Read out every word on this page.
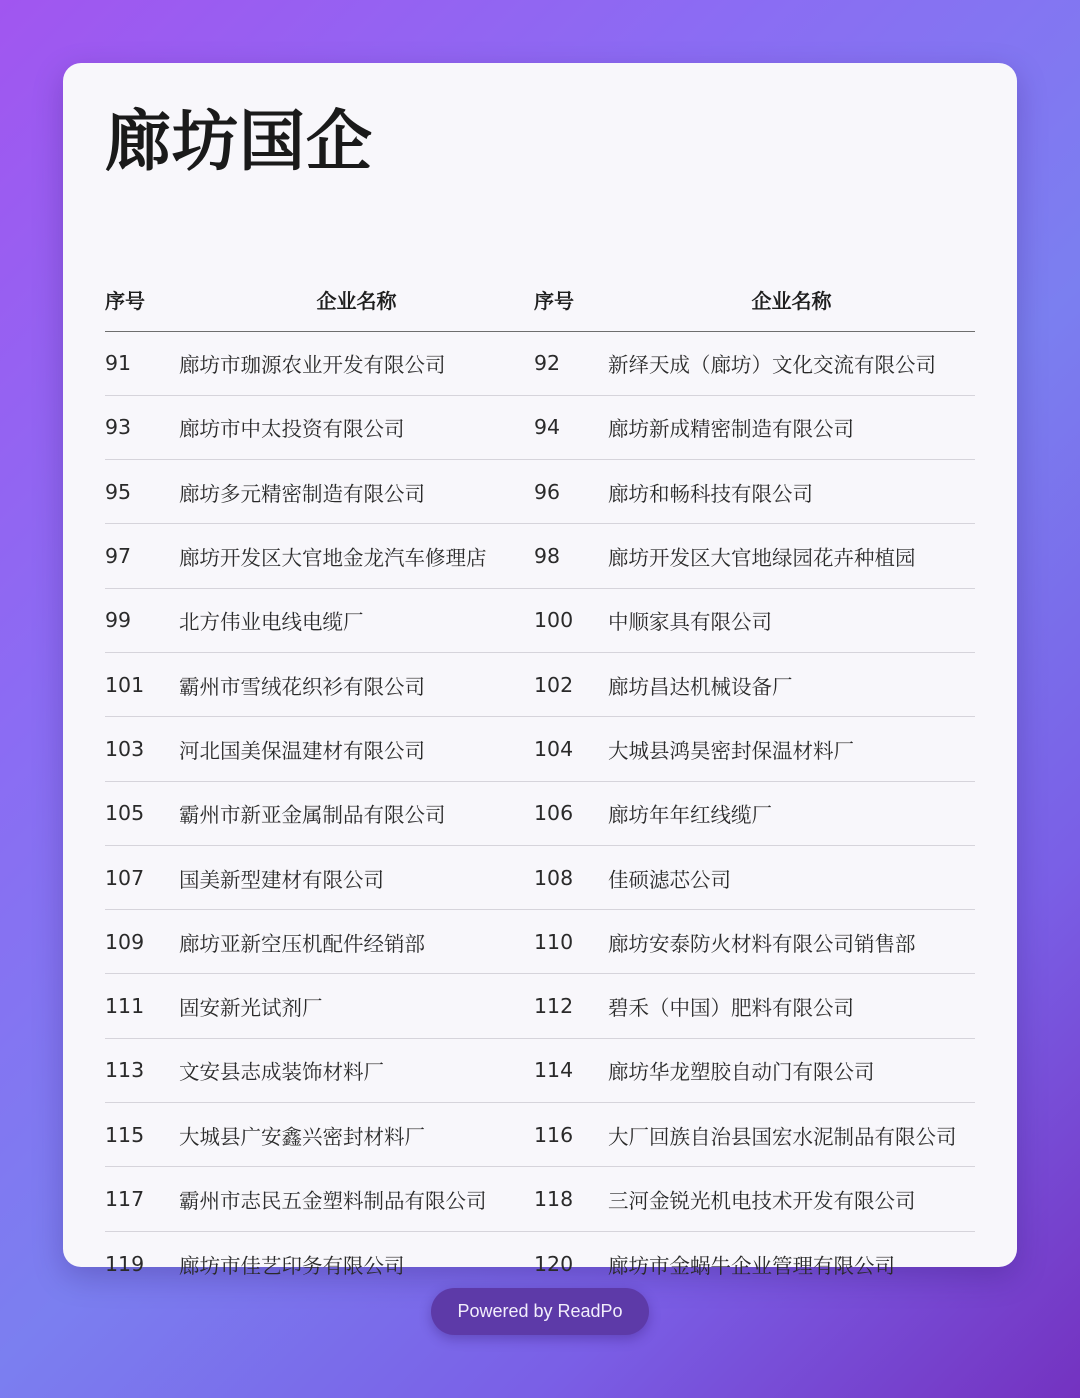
廊坊国企
序号	企业名称	序号	企业名称
91	廊坊市珈源农业开发有限公司	92	新绎天成（廊坊）文化交流有限公司
93	廊坊市中太投资有限公司	94	廊坊新成精密制造有限公司
95	廊坊多元精密制造有限公司	96	廊坊和畅科技有限公司
97	廊坊开发区大官地金龙汽车修理店	98	廊坊开发区大官地绿园花卉种植园
99	北方伟业电线电缆厂	100	中顺家具有限公司
101	霸州市雪绒花织衫有限公司	102	廊坊昌达机械设备厂
103	河北国美保温建材有限公司	104	大城县鸿昊密封保温材料厂
105	霸州市新亚金属制品有限公司	106	廊坊年年红线缆厂
107	国美新型建材有限公司	108	佳硕滤芯公司
109	廊坊亚新空压机配件经销部	110	廊坊安泰防火材料有限公司销售部
111	固安新光试剂厂	112	碧禾（中国）肥料有限公司
113	文安县志成装饰材料厂	114	廊坊华龙塑胶自动门有限公司
115	大城县广安鑫兴密封材料厂	116	大厂回族自治县国宏水泥制品有限公司
117	霸州市志民五金塑料制品有限公司	118	三河金锐光机电技术开发有限公司
119	廊坊市佳艺印务有限公司	120	廊坊市金蜗牛企业管理有限公司
Powered by ReadPo
